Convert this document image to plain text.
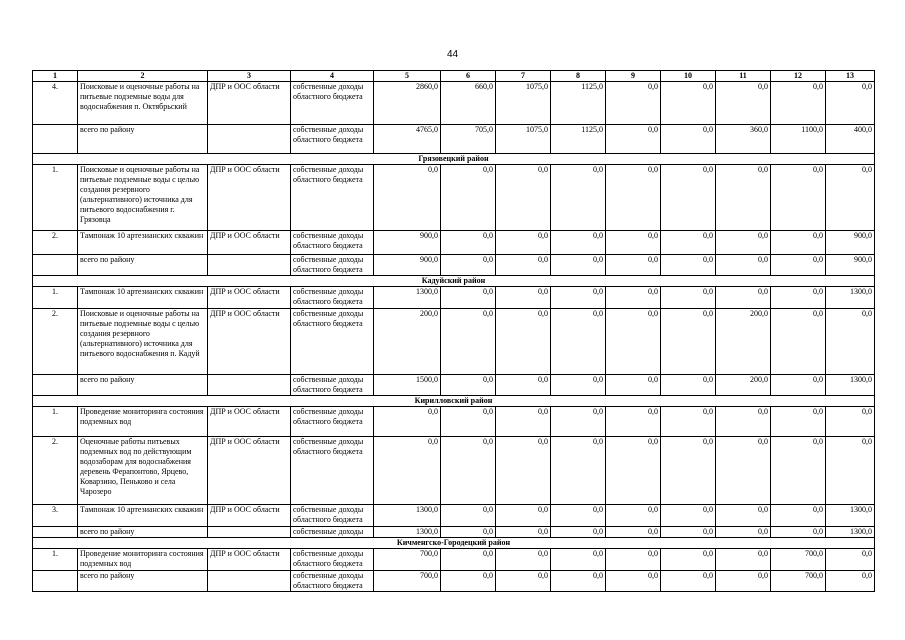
44
1	2	3	4	5	6	7	8	9	10	11	12	13
4.	Поисковые и оценочные работы на питьевые подземные воды для водоснабжения п. Октябрьский	ДПР и ООС области	собственные доходы областного бюджета	2860,0	660,0	1075,0	1125,0	0,0	0,0	0,0	0,0	0,0
	всего по району		собственные доходы областного бюджета	4765,0	705,0	1075,0	1125,0	0,0	0,0	360,0	1100,0	400,0
Грязовецкий район												
1.	Поисковые и оценочные работы на питьевые подземные воды с целью создания резервного (альтернативного) источника для питьевого водоснабжения г. Грязовца	ДПР и ООС области	собственные доходы областного бюджета	0,0	0,0	0,0	0,0	0,0	0,0	0,0	0,0	0,0
2.	Тампонаж 10 артезианских скважин	ДПР и ООС области	собственные доходы областного бюджета	900,0	0,0	0,0	0,0	0,0	0,0	0,0	0,0	900,0
	всего по району		собственные доходы областного бюджета	900,0	0,0	0,0	0,0	0,0	0,0	0,0	0,0	900,0
Кадуйский район												
1.	Тампонаж 10 артезианских скважин	ДПР и ООС области	собственные доходы областного бюджета	1300,0	0,0	0,0	0,0	0,0	0,0	0,0	0,0	1300,0
2.	Поисковые и оценочные работы на питьевые подземные воды с целью создания резервного (альтернативного) источника для питьевого водоснабжения п. Кадуй	ДПР и ООС области	собственные доходы областного бюджета	200,0	0,0	0,0	0,0	0,0	0,0	200,0	0,0	0,0
	всего по району		собственные доходы областного бюджета	1500,0	0,0	0,0	0,0	0,0	0,0	200,0	0,0	1300,0
Кирилловский район												
1.	Проведение мониторинга состояния подземных вод	ДПР и ООС области	собственные доходы областного бюджета	0,0	0,0	0,0	0,0	0,0	0,0	0,0	0,0	0,0
2.	Оценочные работы питьевых подземных вод по действующим водозаборам для водоснабжения деревень Ферапонтово, Ярцево, Коварзино, Пеньково и села Чарозеро	ДПР и ООС области	собственные доходы областного бюджета	0,0	0,0	0,0	0,0	0,0	0,0	0,0	0,0	0,0
3.	Тампонаж 10 артезианских скважин	ДПР и ООС области	собственные доходы областного бюджета	1300,0	0,0	0,0	0,0	0,0	0,0	0,0	0,0	1300,0
	всего по району		собственные доходы	1300,0	0,0	0,0	0,0	0,0	0,0	0,0	0,0	1300,0
Кичменгско-Городецкий район												
1.	Проведение мониторинга состояния подземных вод	ДПР и ООС области	собственные доходы областного бюджета	700,0	0,0	0,0	0,0	0,0	0,0	0,0	700,0	0,0
	всего по району		собственные доходы областного бюджета	700,0	0,0	0,0	0,0	0,0	0,0	0,0	700,0	0,0
